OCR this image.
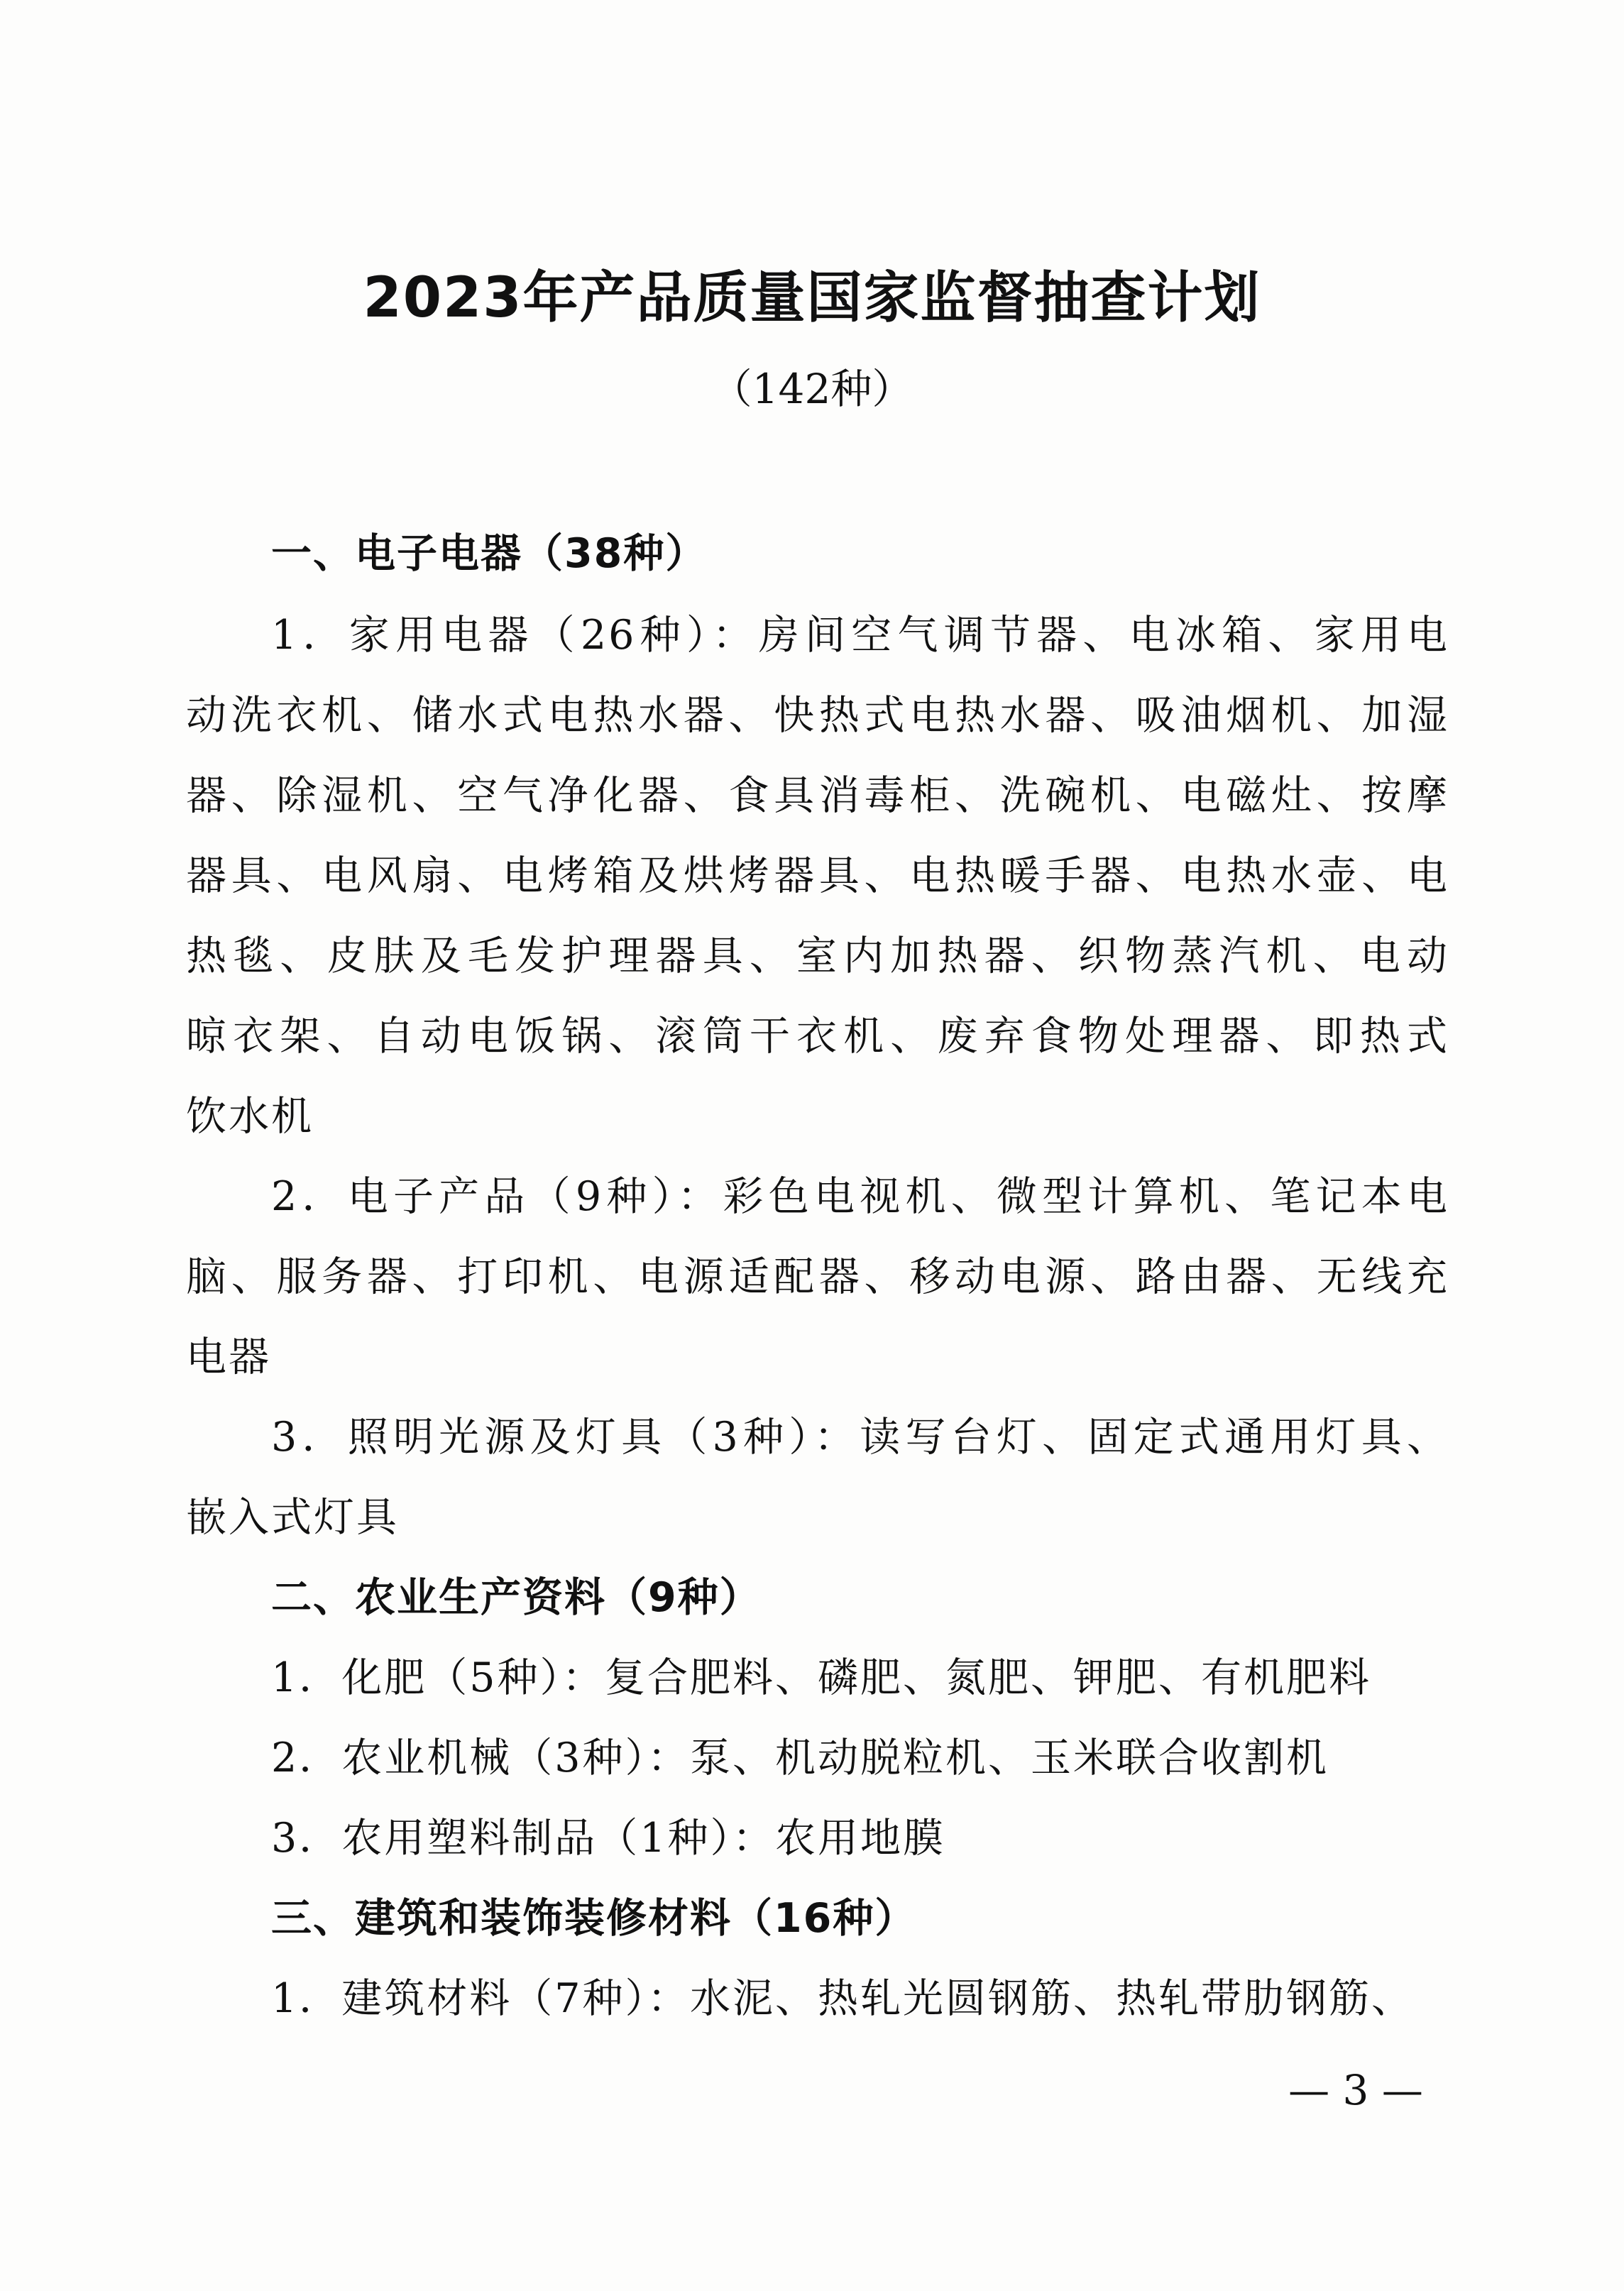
2023年产品质量国家监督抽查计划
（142种）
一、电子电器（38种）
1．家用电器（26种）：房间空气调节器、电冰箱、家用电
动洗衣机、储水式电热水器、快热式电热水器、吸油烟机、加湿
器、除湿机、空气净化器、食具消毒柜、洗碗机、电磁灶、按摩
器具、电风扇、电烤箱及烘烤器具、电热暖手器、电热水壶、电
热毯、皮肤及毛发护理器具、室内加热器、织物蒸汽机、电动
晾衣架、自动电饭锅、滚筒干衣机、废弃食物处理器、即热式
饮水机
2．电子产品（9种）：彩色电视机、微型计算机、笔记本电
脑、服务器、打印机、电源适配器、移动电源、路由器、无线充
电器
3．照明光源及灯具（3种）：读写台灯、固定式通用灯具、
嵌入式灯具
二、农业生产资料（9种）
1．化肥（5种）：复合肥料、磷肥、氮肥、钾肥、有机肥料
2．农业机械（3种）：泵、机动脱粒机、玉米联合收割机
3．农用塑料制品（1种）：农用地膜
三、建筑和装饰装修材料（16种）
1．建筑材料（7种）：水泥、热轧光圆钢筋、热轧带肋钢筋、
— 3 —
